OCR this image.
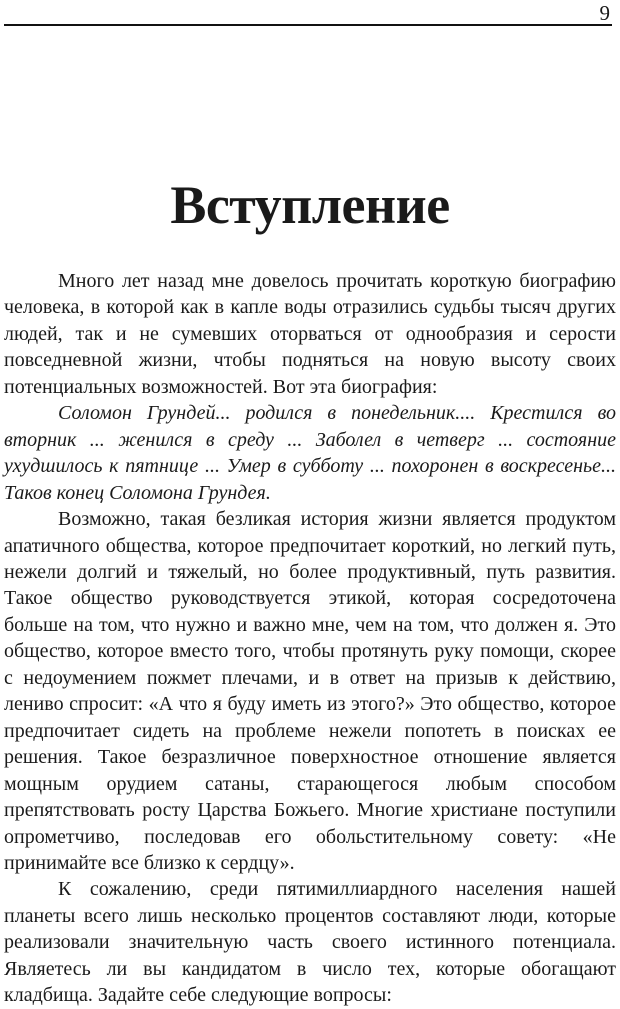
9
Вступление

Много лет назад мне довелось прочитать короткую биографию человека, в которой как в капле воды отразились судьбы тысяч других людей, так и не сумевших оторваться от однообразия и серости повседневной жизни, чтобы подняться на новую высоту своих потенциальных возможностей. Вот эта биография:

Соломон Грундей... родился в понедельник.... Крестился во вторник ... женился в среду ... Заболел в четверг ... состояние ухудшилось к пятнице ... Умер в субботу ... похоронен в воскресенье... Таков конец Соломона Грундея.

Возможно, такая безликая история жизни является продуктом апатичного общества, которое предпочитает короткий, но легкий путь, нежели долгий и тяжелый, но более продуктивный, путь развития. Такое общество руководствуется этикой, которая сосредоточена больше на том, что нужно и важно мне, чем на том, что должен я. Это общество, которое вместо того, чтобы протянуть руку помощи, скорее с недоумением пожмет плечами, и в ответ на призыв к действию, лениво спросит: «А что я буду иметь из этого?» Это общество, которое предпочитает сидеть на проблеме нежели попотеть в поисках ее решения. Такое безразличное поверхностное отношение является мощным орудием сатаны, старающегося любым способом препятствовать росту Царства Божьего. Многие христиане поступили опрометчиво, последовав его обольстительному совету: «Не принимайте все близко к сердцу».

К сожалению, среди пятимиллиардного населения нашей планеты всего лишь несколько процентов составляют люди, которые реализовали значительную часть своего истинного потенциала. Являетесь ли вы кандидатом в число тех, которые обогащают кладбища. Задайте себе следующие вопросы:
